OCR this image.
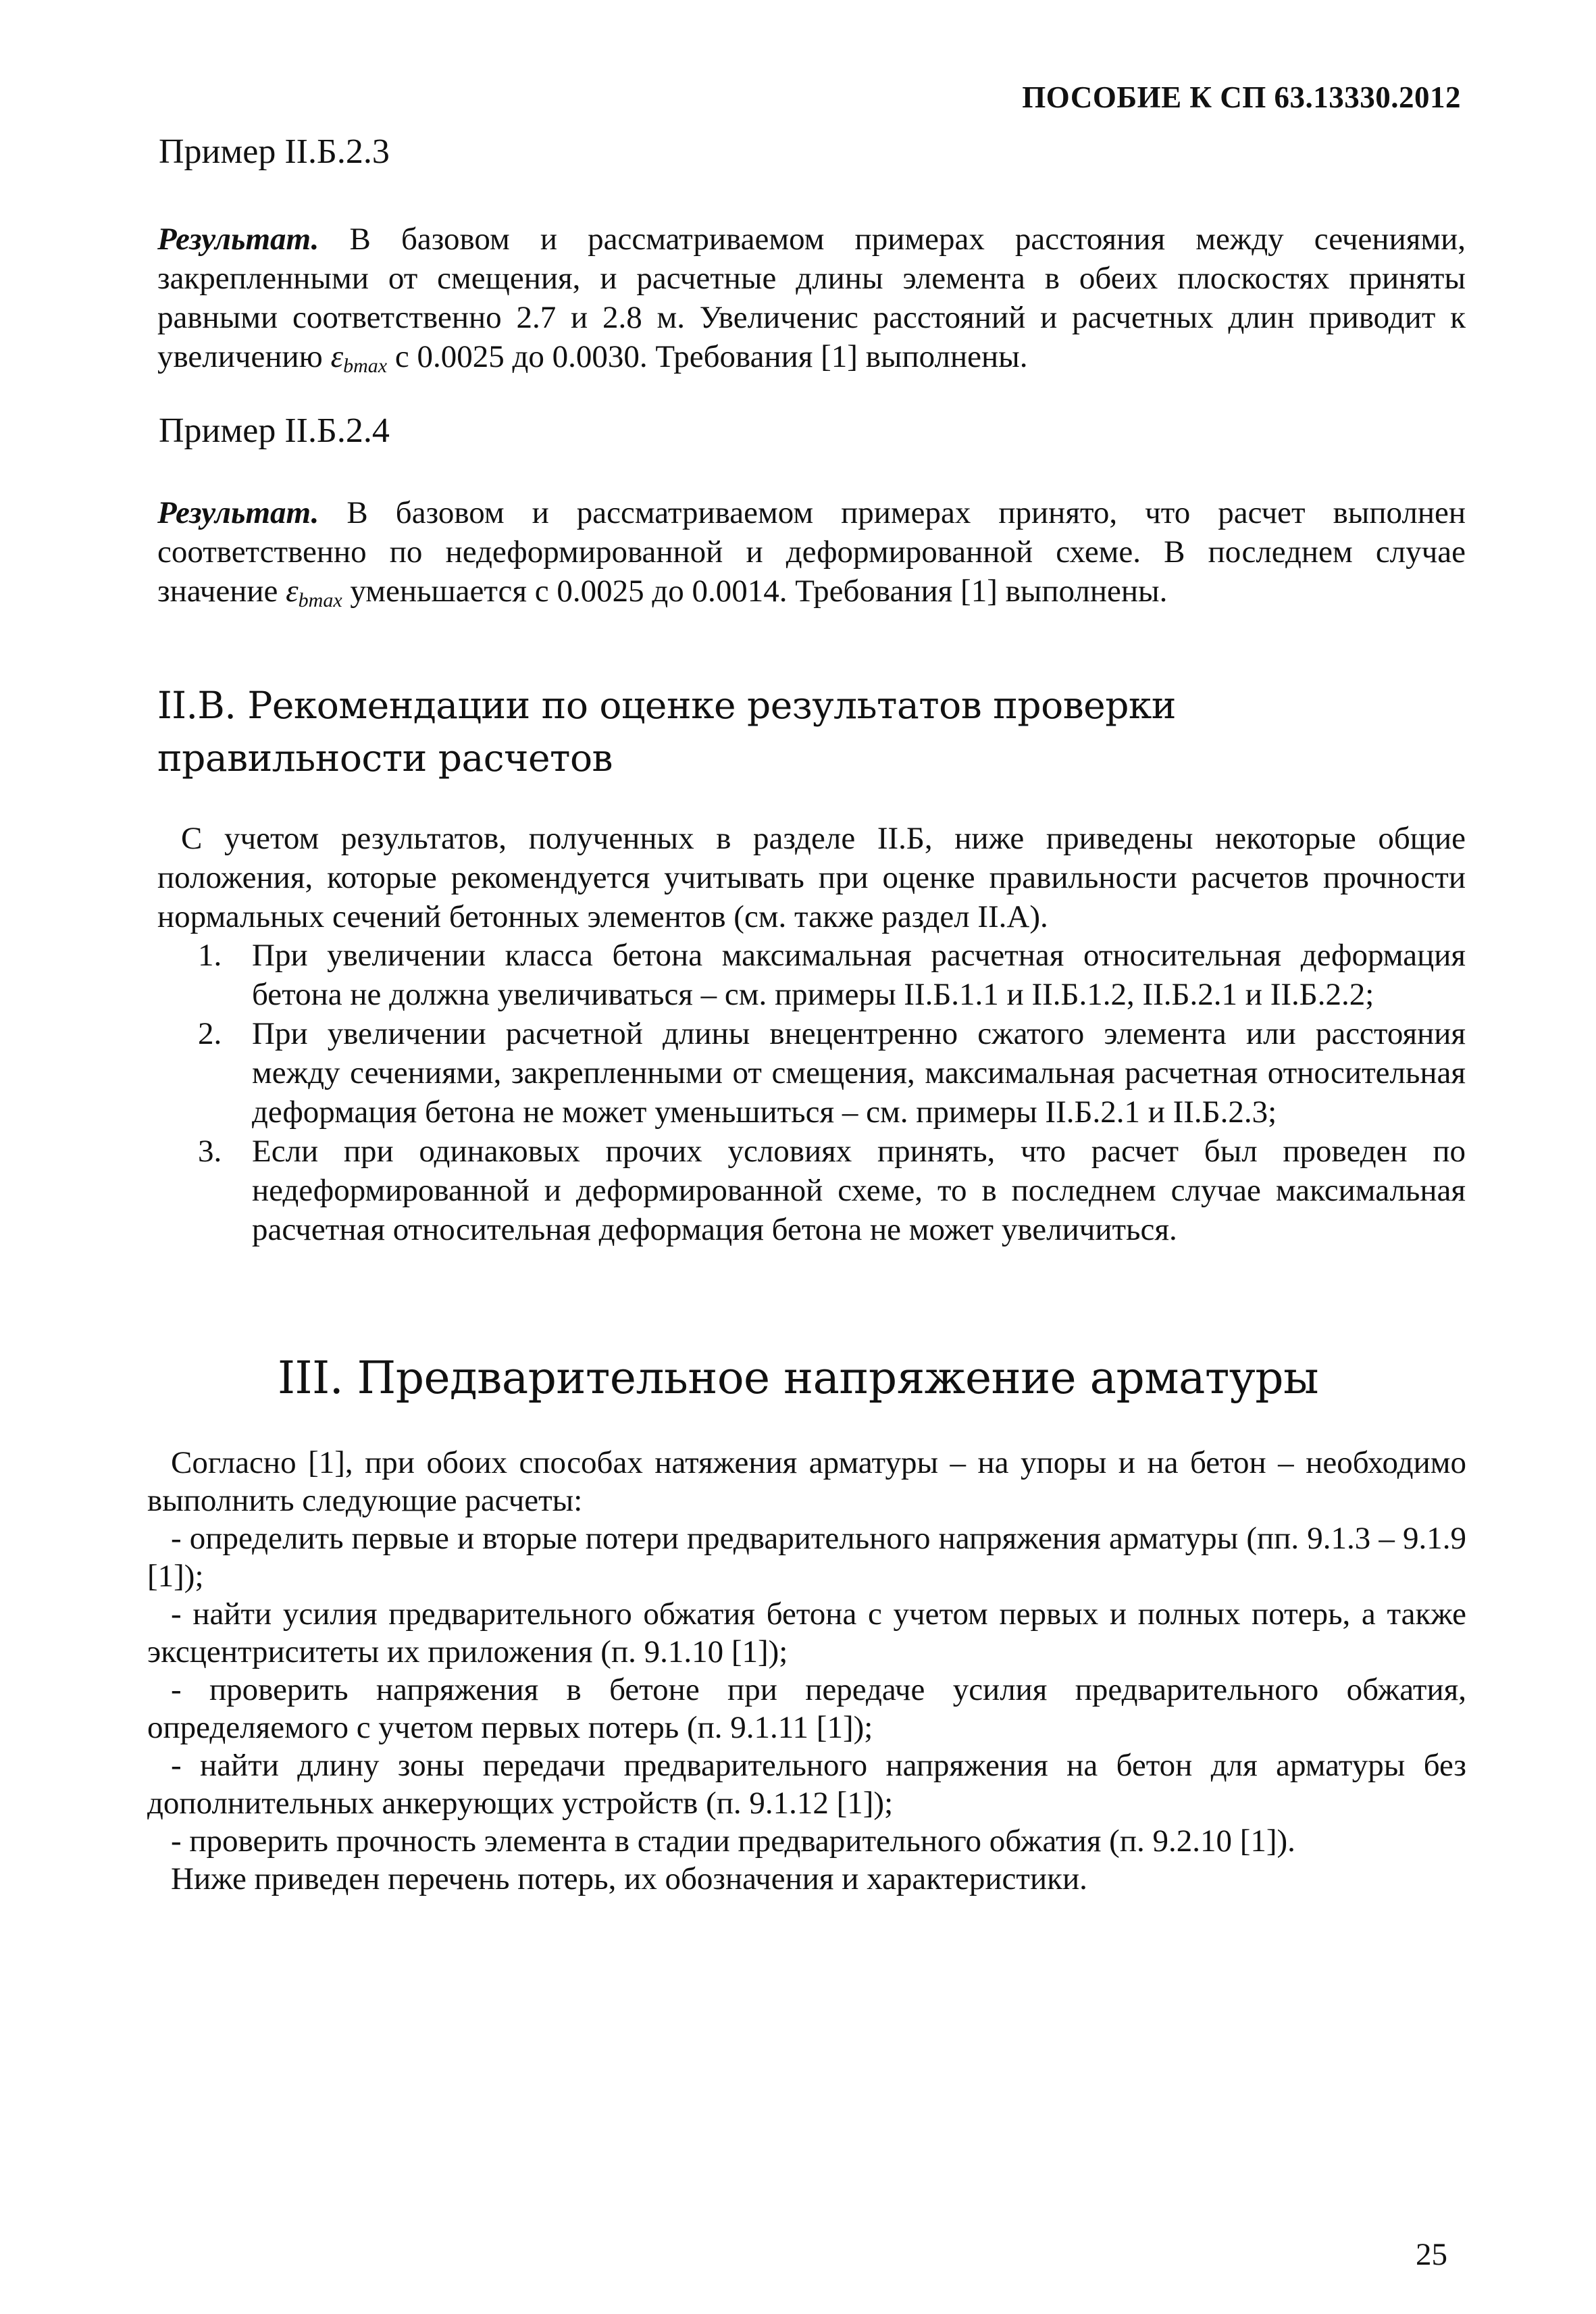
ПОСОБИЕ К СП 63.13330.2012
Пример II.Б.2.3
Результат. В базовом и рассматриваемом примерах расстояния между сечениями, закрепленными от смещения, и расчетные длины элемента в обеих плоскостях приняты равными соответственно 2.7 и 2.8 м. Увеличенис расстояний и расчетных длин приводит к увеличению $\varepsilon_{bmax}$ с 0.0025 до 0.0030. Требования [1] выполнены.
Пример II.Б.2.4
Результат. В базовом и рассматриваемом примерах принято, что расчет выполнен соответственно по недеформированной и деформированной схеме. В последнем случае значение $\varepsilon_{bmax}$ уменьшается с 0.0025 до 0.0014. Требования [1] выполнены.
II.В. Рекомендации по оценке результатов проверки
правильности расчетов
С учетом результатов, полученных в разделе II.Б, ниже приведены некоторые общие положения, которые рекомендуется учитывать при оценке правильности расчетов прочности нормальных сечений бетонных элементов (см. также раздел II.А).
1. При увеличении класса бетона максимальная расчетная относительная деформация бетона не должна увеличиваться – см. примеры II.Б.1.1 и II.Б.1.2, II.Б.2.1 и II.Б.2.2;
2. При увеличении расчетной длины внецентренно сжатого элемента или расстояния между сечениями, закрепленными от смещения, максимальная расчетная относительная деформация бетона не может уменьшиться – см. примеры II.Б.2.1 и II.Б.2.3;
3. Если при одинаковых прочих условиях принять, что расчет был проведен по недеформированной и деформированной схеме, то в последнем случае максимальная расчетная относительная деформация бетона не может увеличиться.
III. Предварительное напряжение арматуры
Согласно [1], при обоих способах натяжения арматуры – на упоры и на бетон – необходимо выполнить следующие расчеты:
- определить первые и вторые потери предварительного напряжения арматуры (пп. 9.1.3 – 9.1.9 [1]);
- найти усилия предварительного обжатия бетона с учетом первых и полных потерь, а также эксцентриситеты их приложения (п. 9.1.10 [1]);
- проверить напряжения в бетоне при передаче усилия предварительного обжатия, определяемого с учетом первых потерь (п. 9.1.11 [1]);
- найти длину зоны передачи предварительного напряжения на бетон для арматуры без дополнительных анкерующих устройств (п. 9.1.12 [1]);
- проверить прочность элемента в стадии предварительного обжатия (п. 9.2.10 [1]).
Ниже приведен перечень потерь, их обозначения и характеристики.
25
